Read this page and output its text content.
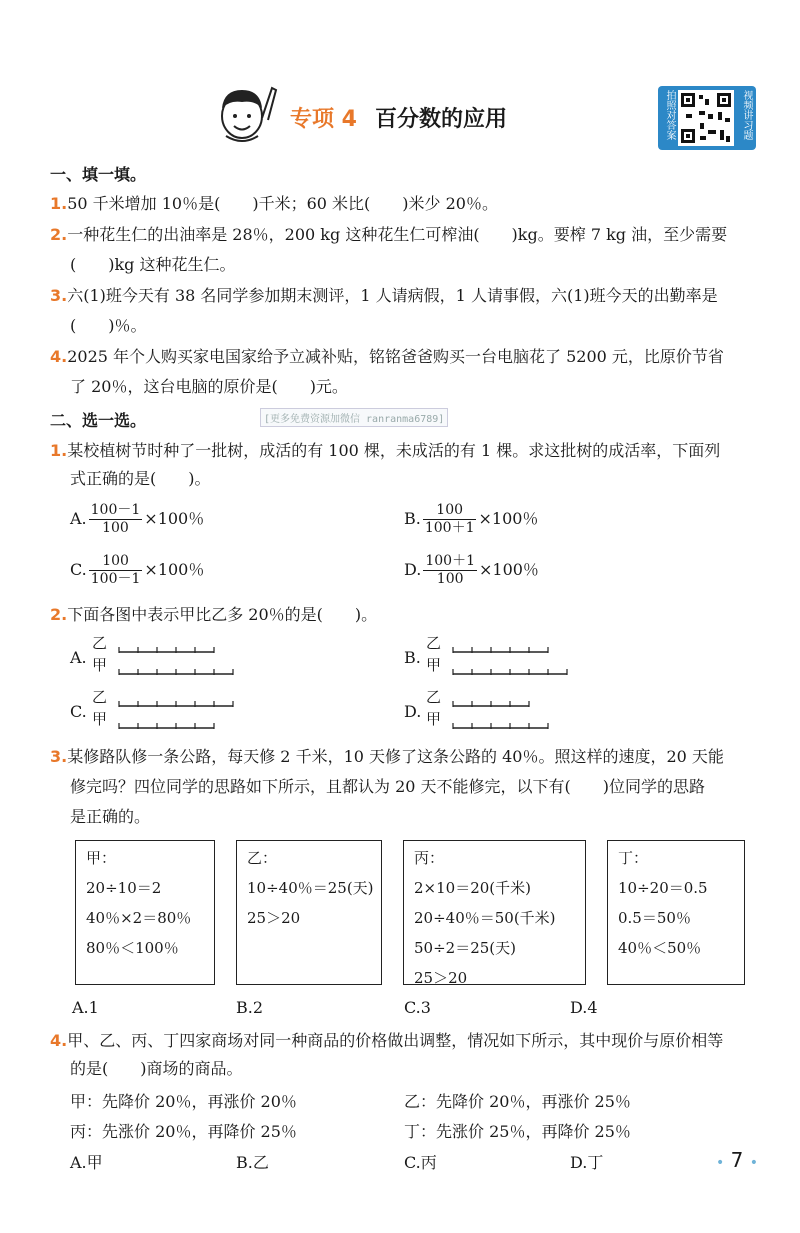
专项 4 百分数的应用	拍照对答案	视频讲习题
一、填一填。
1.50 千米增加 10％是(　　)千米；60 米比(　　)米少 20％。
2.一种花生仁的出油率是 28％，200 kg 这种花生仁可榨油(　　)kg。要榨 7 kg 油，至少需要
(　　)kg 这种花生仁。
3.六(1)班今天有 38 名同学参加期末测评，1 人请病假，1 人请事假，六(1)班今天的出勤率是
(　　)％。
4.2025 年个人购买家电国家给予立减补贴，铭铭爸爸购买一台电脑花了 5200 元，比原价节省
了 20％，这台电脑的原价是(　　)元。
二、选一选。	[更多免费资源加微信 ranranma6789]
1.某校植树节时种了一批树，成活的有 100 棵，未成活的有 1 棵。求这批树的成活率，下面列
式正确的是(　　)。
A. $\frac{100-1}{100} \times 100$％	B. $\frac{100}{100+1} \times 100$％
C. $\frac{100}{100-1} \times 100$％	D. $\frac{100+1}{100} \times 100$％
2.下面各图中表示甲比乙多 20％的是(　　)。
A.
乙
甲	B.
乙
甲
C.
乙
甲	D.
乙
甲
3.某修路队修一条公路，每天修 2 千米，10 天修了这条公路的 40％。照这样的速度，20 天能
修完吗？四位同学的思路如下所示，且都认为 20 天不能修完，以下有(　　)位同学的思路
是正确的。
甲：
20÷10＝2
40％×2＝80％
80％＜100％
乙：
10÷40％＝25(天)
25＞20
丙：
2×10＝20(千米)
20÷40％＝50(千米)
50÷2＝25(天)
25＞20
丁：
10÷20＝0.5
0.5＝50％
40％＜50％
A.1	B.2	C.3	D.4
4.甲、乙、丙、丁四家商场对同一种商品的价格做出调整，情况如下所示，其中现价与原价相等
的是(　　)商场的商品。
甲：先降价 20％，再涨价 20％	乙：先降价 20％，再涨价 25％
丙：先涨价 20％，再降价 25％	丁：先涨价 25％，再降价 25％
A.甲	B.乙	C.丙	D.丁	• 7 •
